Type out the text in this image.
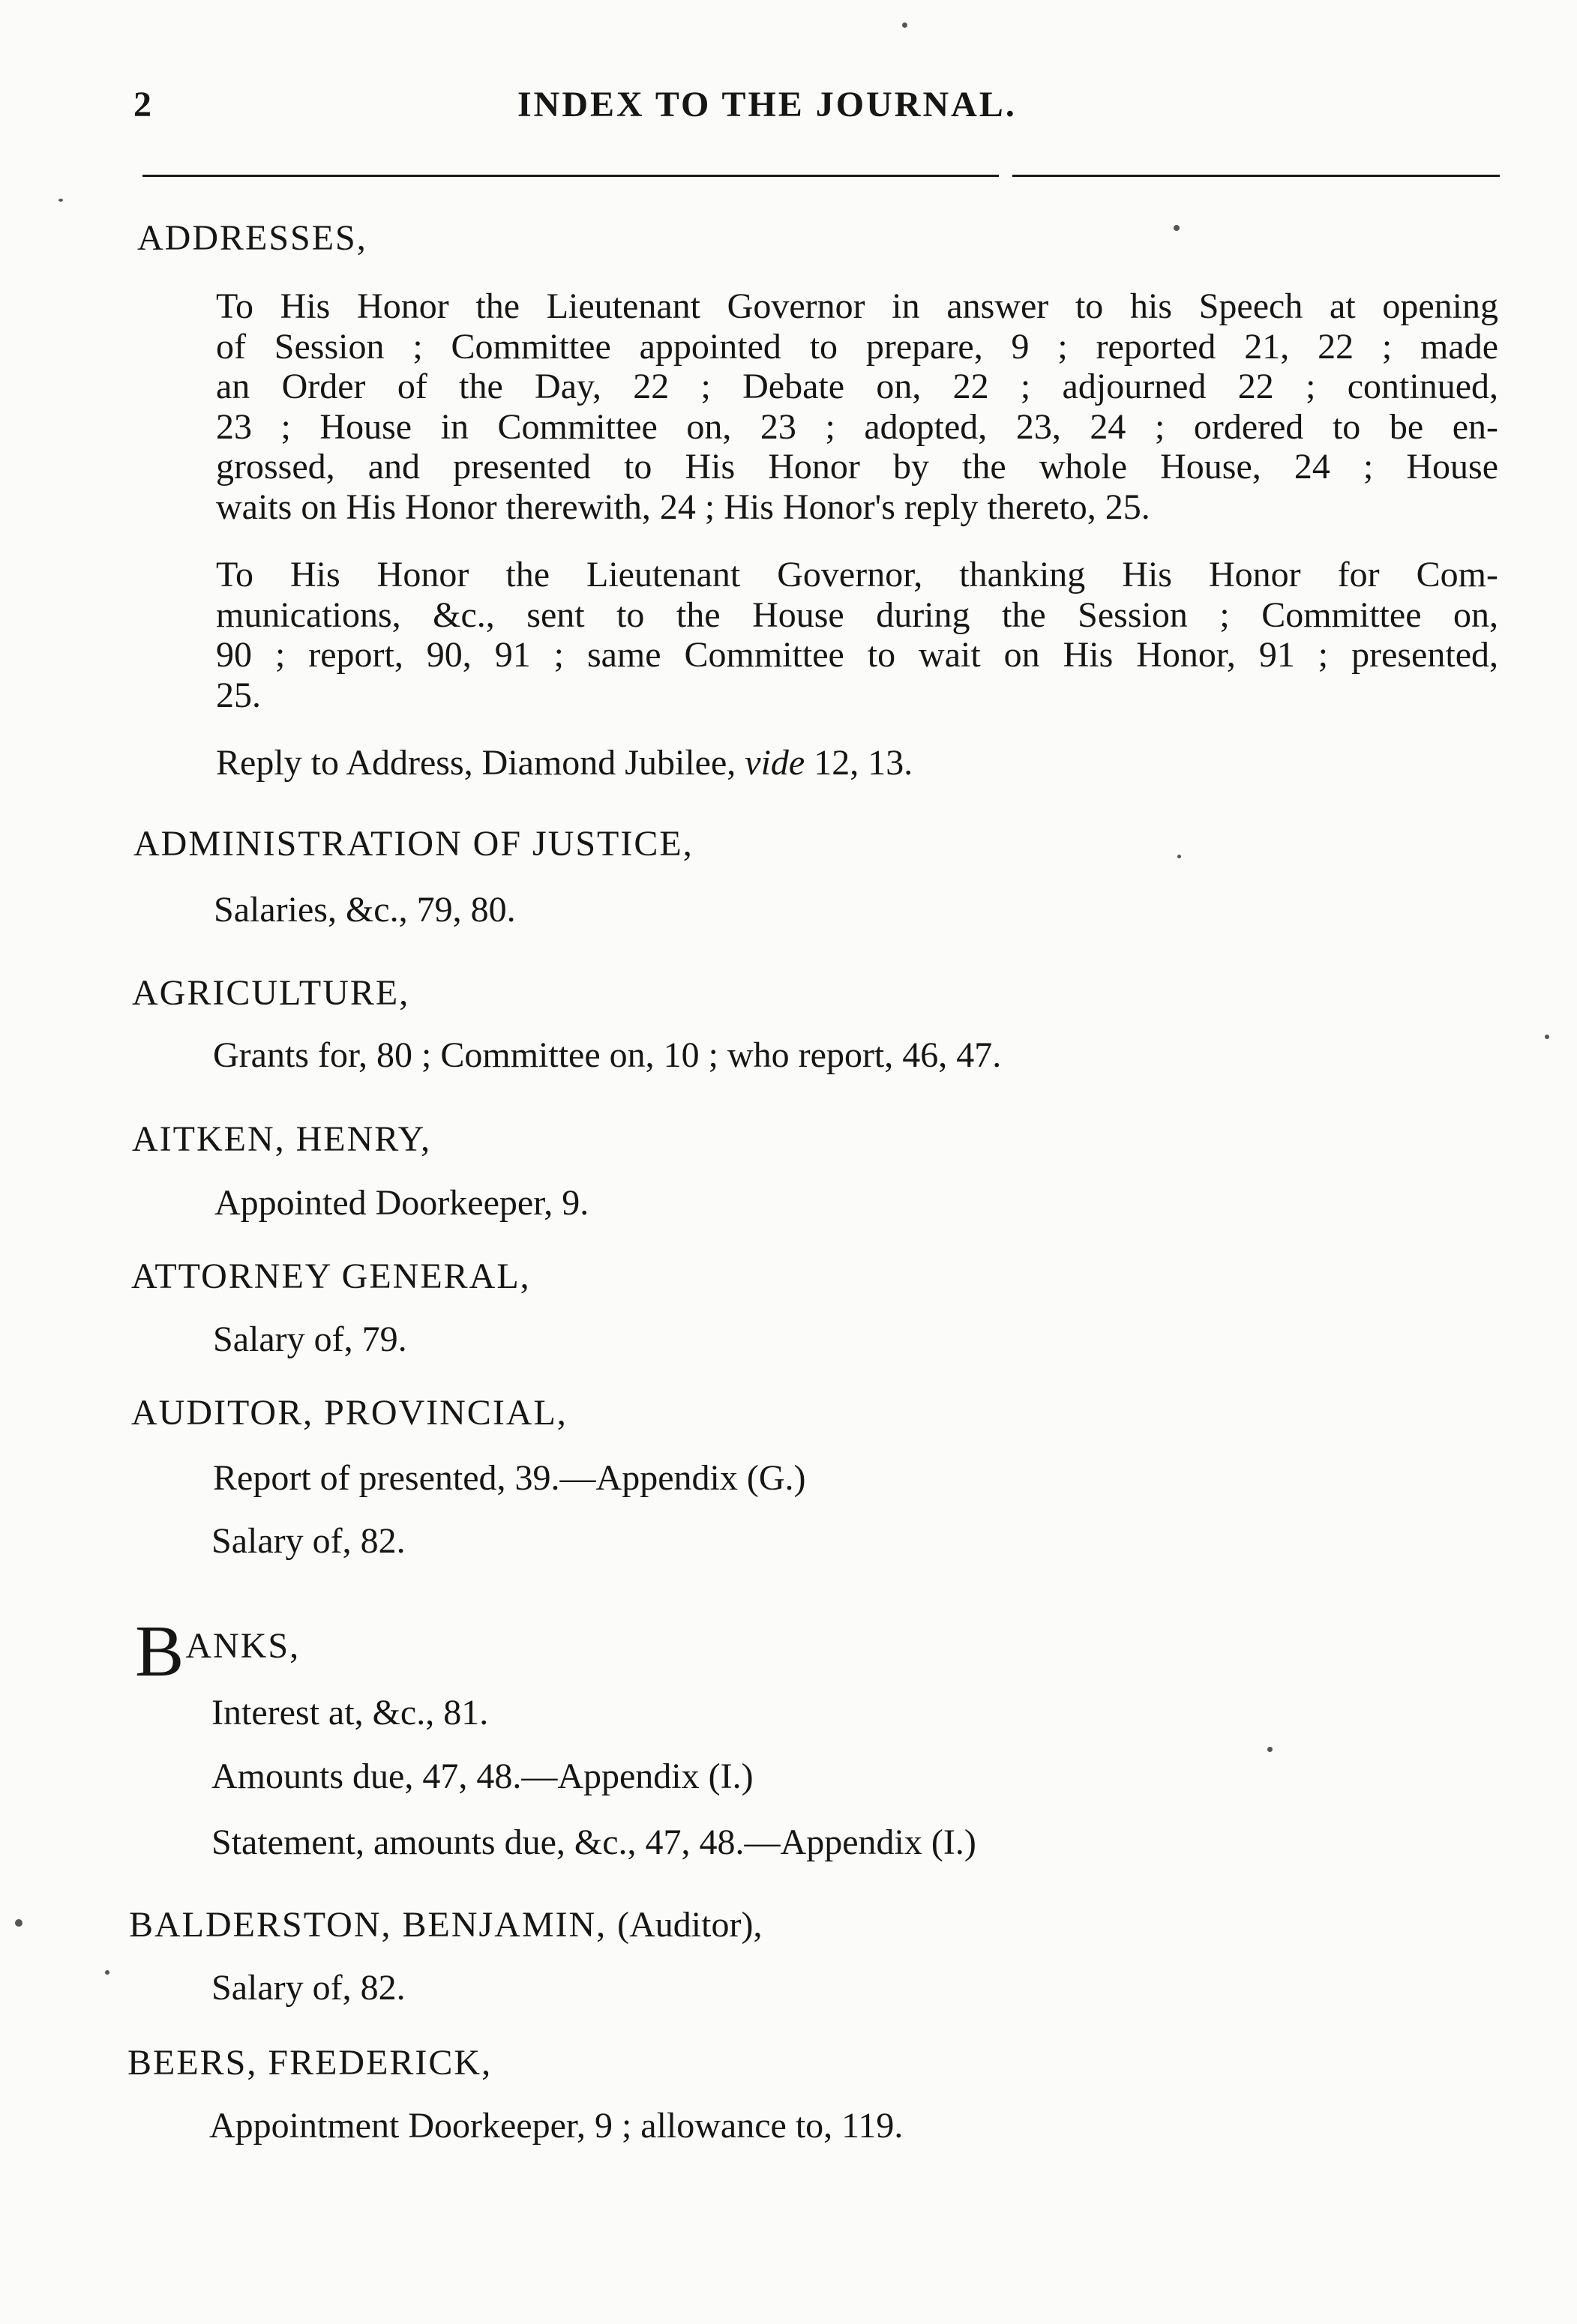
2	INDEX TO THE JOURNAL.
ADDRESSES,
To His Honor the Lieutenant Governor in answer to his Speech at opening
of Session ; Committee appointed to prepare, 9 ; reported 21, 22 ; made
an Order of the Day, 22 ; Debate on, 22 ; adjourned 22 ; continued,
23 ; House in Committee on, 23 ; adopted, 23, 24 ; ordered to be en-
grossed, and presented to His Honor by the whole House, 24 ; House
waits on His Honor therewith, 24 ; His Honor's reply thereto, 25.
To His Honor the Lieutenant Governor, thanking His Honor for Com-
munications, &c., sent to the House during the Session ; Committee on,
90 ; report, 90, 91 ; same Committee to wait on His Honor, 91 ; presented,
25.
Reply to Address, Diamond Jubilee, vide 12, 13.
ADMINISTRATION OF JUSTICE,
Salaries, &c., 79, 80.
AGRICULTURE,
Grants for, 80 ; Committee on, 10 ; who report, 46, 47.
AITKEN, HENRY,
Appointed Doorkeeper, 9.
ATTORNEY GENERAL,
Salary of, 79.
AUDITOR, PROVINCIAL,
Report of presented, 39.—Appendix (G.)
Salary of, 82.
BANKS,
Interest at, &c., 81.
Amounts due, 47, 48.—Appendix (I.)
Statement, amounts due, &c., 47, 48.—Appendix (I.)
BALDERSTON, BENJAMIN, (Auditor),
Salary of, 82.
BEERS, FREDERICK,
Appointment Doorkeeper, 9 ; allowance to, 119.
